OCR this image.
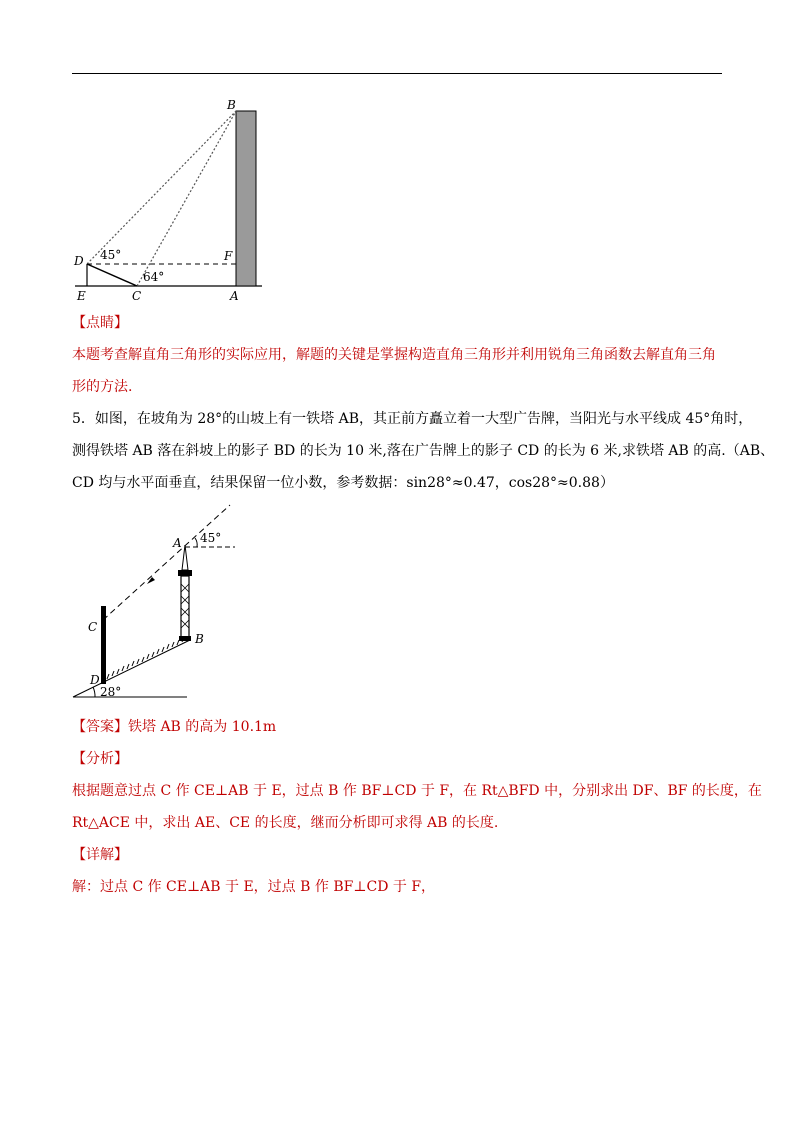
B
D	F
E	C	A
45°
64°
【点睛】
本题考查解直角三角形的实际应用，解题的关键是掌握构造直角三角形并利用锐角三角函数去解直角三角
形的方法.
5．如图，在坡角为 28°的山坡上有一铁塔 AB，其正前方矗立着一大型广告牌，当阳光与水平线成 45°角时，
测得铁塔 AB 落在斜坡上的影子 BD 的长为 10 米,落在广告牌上的影子 CD 的长为 6 米,求铁塔 AB 的高.（AB、
CD 均与水平面垂直，结果保留一位小数，参考数据：sin28°≈0.47，cos28°≈0.88）
A 45°
B
C
D
28°
【答案】铁塔 AB 的高为 10.1m
【分析】
根据题意过点 C 作 CE⊥AB 于 E，过点 B 作 BF⊥CD 于 F，在 Rt△BFD 中，分别求出 DF、BF 的长度，在
Rt△ACE 中，求出 AE、CE 的长度，继而分析即可求得 AB 的长度.
【详解】
解：过点 C 作 CE⊥AB 于 E，过点 B 作 BF⊥CD 于 F，
